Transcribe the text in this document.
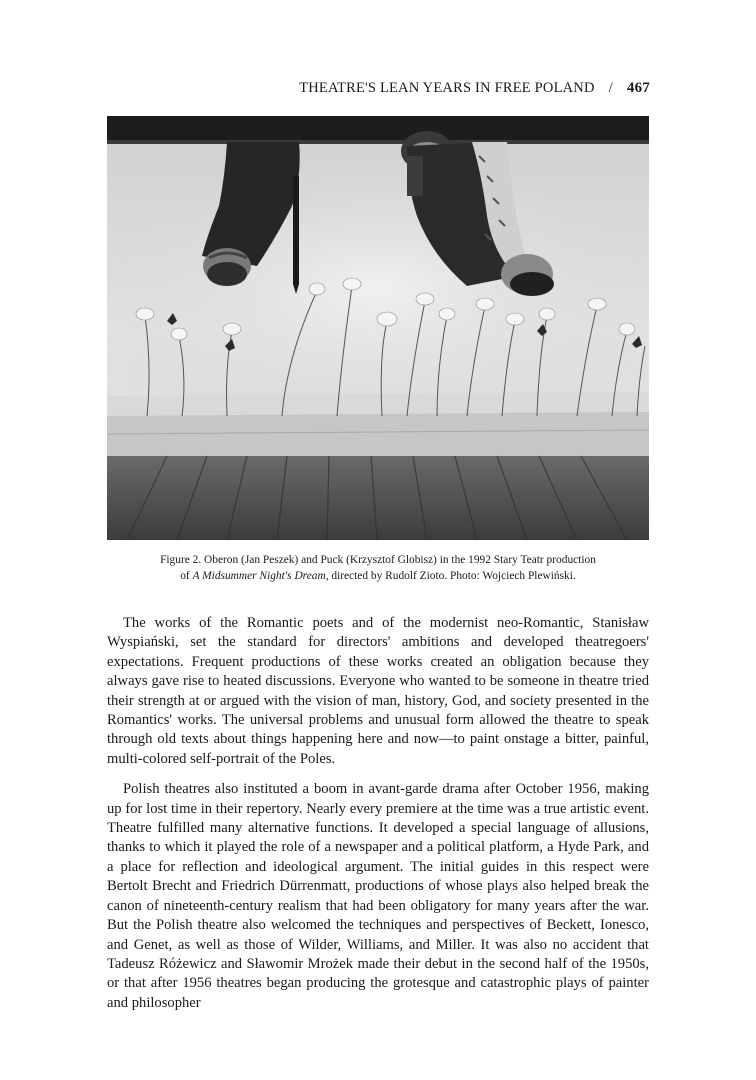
THEATRE'S LEAN YEARS IN FREE POLAND / 467

Figure 2. Oberon (Jan Peszek) and Puck (Krzysztof Globisz) in the 1992 Stary Teatr production

of A Midsummer Night's Dream, directed by Rudolf Zioto. Photo: Wojciech Plewiński.

The works of the Romantic poets and of the modernist neo-Romantic, Stanisław Wyspiański, set the standard for directors' ambitions and developed theatregoers' expectations. Frequent productions of these works created an obligation because they always gave rise to heated discussions. Everyone who wanted to be someone in theatre tried their strength at or argued with the vision of man, history, God, and society presented in the Romantics' works. The universal problems and unusual form allowed the theatre to speak through old texts about things happening here and now—to paint onstage a bitter, painful, multi-colored self-portrait of the Poles.

Polish theatres also instituted a boom in avant-garde drama after October 1956, making up for lost time in their repertory. Nearly every premiere at the time was a true artistic event. Theatre fulfilled many alternative functions. It developed a special language of allusions, thanks to which it played the role of a newspaper and a political platform, a Hyde Park, and a place for reflection and ideological argument. The initial guides in this respect were Bertolt Brecht and Friedrich Dürrenmatt, productions of whose plays also helped break the canon of nineteenth-century realism that had been obligatory for many years after the war. But the Polish theatre also welcomed the techniques and perspectives of Beckett, Ionesco, and Genet, as well as those of Wilder, Williams, and Miller. It was also no accident that Tadeusz Różewicz and Sławomir Mrożek made their debut in the second half of the 1950s, or that after 1956 theatres began producing the grotesque and catastrophic plays of painter and philosopher
